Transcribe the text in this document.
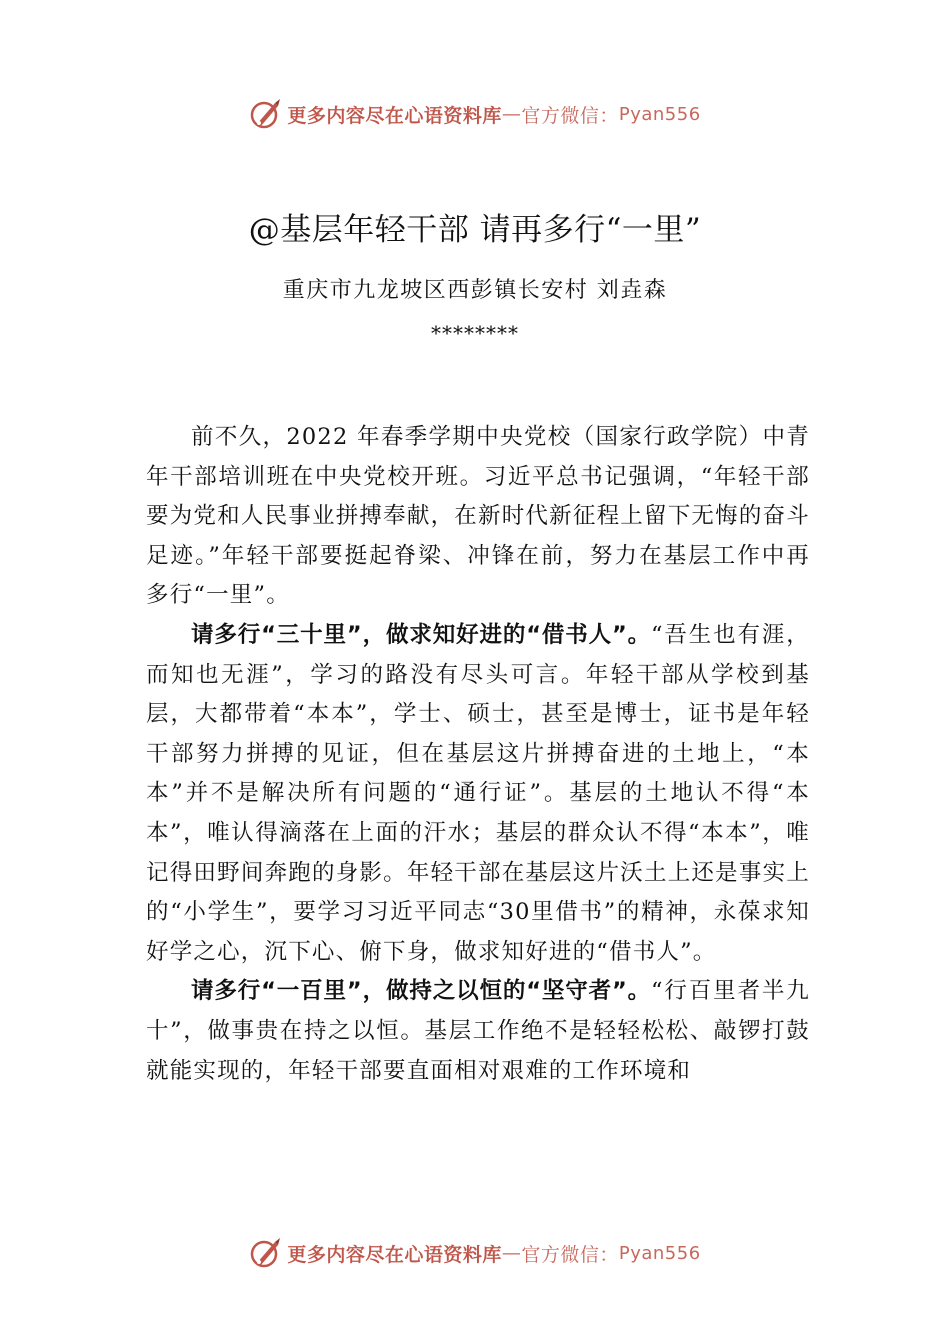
更多内容尽在心语资料库 — 官方微信： Pyan556
@基层年轻干部 请再多行“一里”
重庆市九龙坡区西彭镇长安村 刘垚森
********

前不久，2022 年春季学期中央党校（国家行政学院）中青年干部培训班在中央党校开班。习近平总书记强调，“年轻干部要为党和人民事业拼搏奉献，在新时代新征程上留下无悔的奋斗足迹。”年轻干部要挺起脊梁、冲锋在前，努力在基层工作中再多行“一里”。

请多行“三十里”，做求知好进的“借书人”。“吾生也有涯，而知也无涯”，学习的路没有尽头可言。年轻干部从学校到基层，大都带着“本本”，学士、硕士，甚至是博士，证书是年轻干部努力拼搏的见证，但在基层这片拼搏奋进的土地上，“本本”并不是解决所有问题的“通行证”。基层的土地认不得“本本”，唯认得滴落在上面的汗水；基层的群众认不得“本本”，唯记得田野间奔跑的身影。年轻干部在基层这片沃土上还是事实上的“小学生”，要学习习近平同志“30里借书”的精神，永葆求知好学之心，沉下心、俯下身，做求知好进的“借书人”。

请多行“一百里”，做持之以恒的“坚守者”。“行百里者半九十”，做事贵在持之以恒。基层工作绝不是轻轻松松、敲锣打鼓就能实现的，年轻干部要直面相对艰难的工作环境和

更多内容尽在心语资料库 — 官方微信： Pyan556
